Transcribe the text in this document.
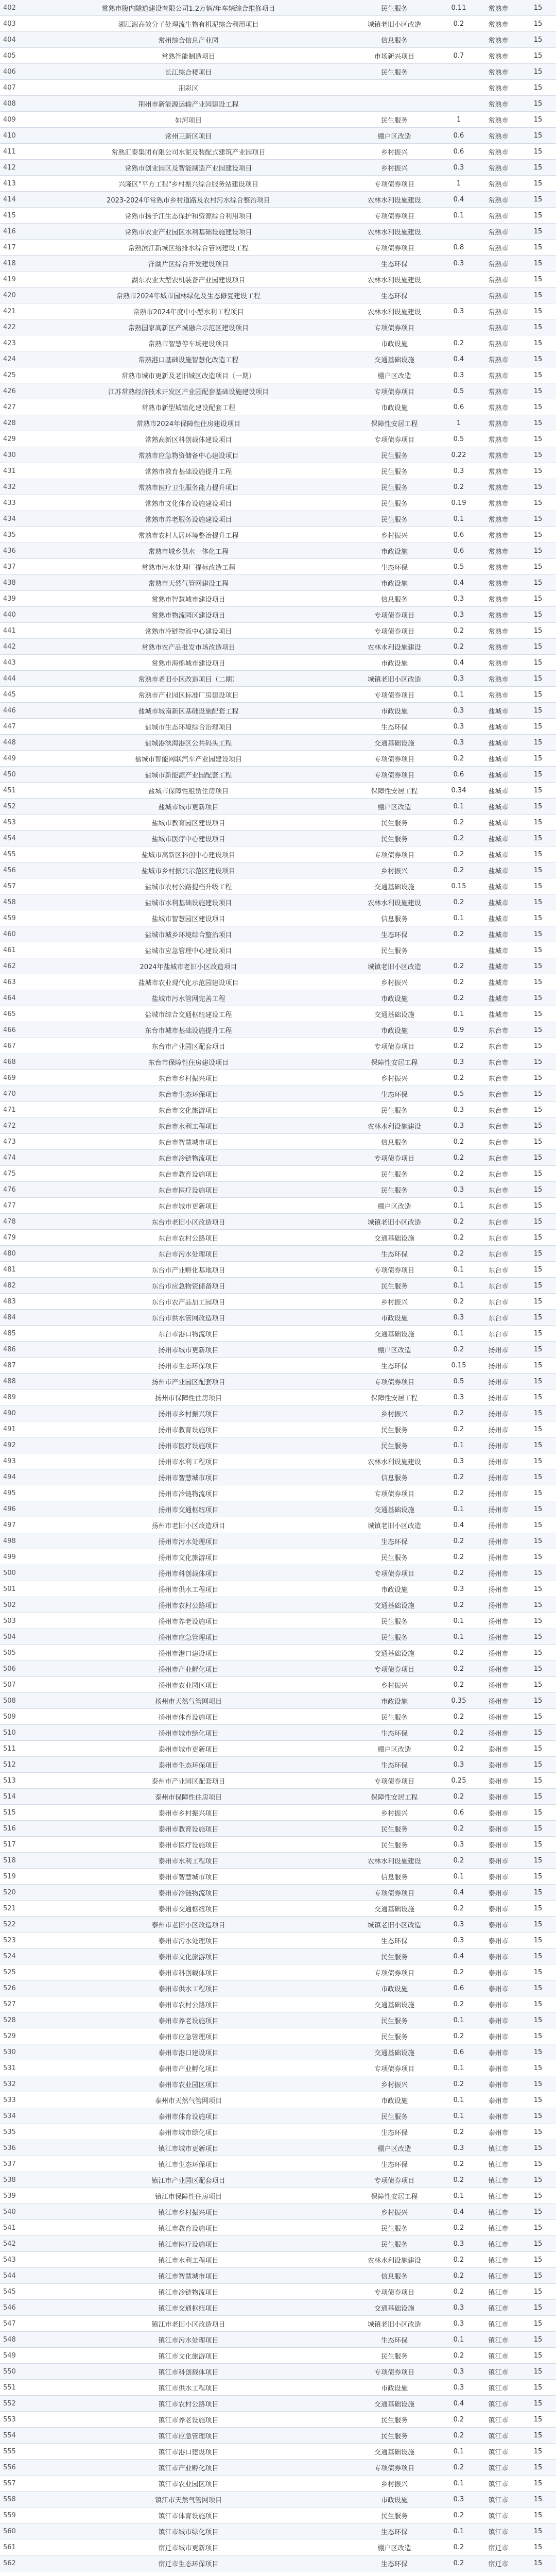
402	常熟市腹内隧道建设有限公司1.2万辆/年车辆综合维修项目	民生服务	0.11	常熟市	15
403	湖江源高效分子处理流生物有机泥综合利用项目	城镇老旧小区改造	0.2	常熟市	15
404	常州综合信息产业园	信息服务		常熟市	15
405	常熟智能制造项目	市场新兴项目	0.7	常熟市	15
406	长江综合楼项目	民生服务		常熟市	15
407	荆彩区			常熟市	15
408	荆州市新能源运输产业园建设工程			常熟市	15
409	如河项目	民生服务	1	常熟市	15
410	常州三新区项目	棚户区改造	0.6	常熟市	15
411	常熟汇泰集团有限公司水泥及装配式建筑产业园项目	乡村振兴	0.6	常熟市	15
412	常熟市创业园区及智能制造产业园建设项目	乡村振兴	0.3	常熟市	15
413	兴隆区"平方工程"乡村振兴综合服务站建设项目	专项债券项目	1	常熟市	15
414	2023-2024年常熟市乡村道路及农村污水综合整治项目	农林水利设施建设	0.4	常熟市	15
415	常熟市扬子江生态保护和资源综合利用项目	专项债券项目	0.1	常熟市	15
416	常熟市农业产业园区水利基础设施建设项目	农林水利设施建设		常熟市	15
417	常熟滨江新城区给排水综合管网建设工程	专项债券项目	0.8	常熟市	15
418	洋湖片区综合开发建设项目	生态环保	0.3	常熟市	15
419	湖东农业大型农机装备产业园建设项目	农林水利设施建设		常熟市	15
420	常熟市2024年城市园林绿化及生态修复建设工程	生态环保		常熟市	15
421	常熟市2024年度中小型水利工程项目	农林水利设施建设	0.3	常熟市	15
422	常熟国家高新区产城融合示范区建设项目	专项债券项目		常熟市	15
423	常熟市智慧停车场建设项目	市政设施	0.2	常熟市	15
424	常熟港口基础设施智慧化改造工程	交通基础设施	0.4	常熟市	15
425	常熟市城市更新及老旧城区改造项目（一期）	棚户区改造	0.3	常熟市	15
426	江苏常熟经济技术开发区产业园配套基础设施建设项目	专项债券项目	0.5	常熟市	15
427	常熟市新型城镇化建设配套工程	市政设施	0.6	常熟市	15
428	常熟市2024年保障性住房建设项目	保障性安居工程	1	常熟市	15
429	常熟高新区科创载体建设项目	专项债券项目	0.5	常熟市	15
430	常熟市应急物资储备中心建设项目	民生服务	0.22	常熟市	15
431	常熟市教育基础设施提升工程	民生服务	0.3	常熟市	15
432	常熟市医疗卫生服务能力提升项目	民生服务	0.2	常熟市	15
433	常熟市文化体育设施建设项目	民生服务	0.19	常熟市	15
434	常熟市养老服务设施建设项目	民生服务	0.1	常熟市	15
435	常熟市农村人居环境整治提升工程	乡村振兴	0.6	常熟市	15
436	常熟市城乡供水一体化工程	市政设施	0.6	常熟市	15
437	常熟市污水处理厂提标改造工程	生态环保	0.5	常熟市	15
438	常熟市天然气管网建设工程	市政设施	0.4	常熟市	15
439	常熟市智慧城市建设项目	信息服务	0.3	常熟市	15
440	常熟市物流园区建设项目	专项债券项目	0.3	常熟市	15
441	常熟市冷链物流中心建设项目	专项债券项目	0.2	常熟市	15
442	常熟市农产品批发市场改造项目	农林水利设施建设	0.2	常熟市	15
443	常熟市海绵城市建设项目	市政设施	0.4	常熟市	15
444	常熟市老旧小区改造项目（二期）	城镇老旧小区改造	0.3	常熟市	15
445	常熟市产业园区标准厂房建设项目	专项债券项目	0.1	常熟市	15
446	盐城市城南新区基础设施配套工程	市政设施	0.3	盐城市	15
447	盐城市生态环境综合治理项目	生态环保	0.3	盐城市	15
448	盐城港滨海港区公共码头工程	交通基础设施	0.3	盐城市	15
449	盐城市智能网联汽车产业园建设项目	专项债券项目	0.2	盐城市	15
450	盐城市新能源产业园配套工程	专项债券项目	0.6	盐城市	15
451	盐城市保障性租赁住房项目	保障性安居工程	0.34	盐城市	15
452	盐城市城市更新项目	棚户区改造	0.1	盐城市	15
453	盐城市教育园区建设项目	民生服务	0.2	盐城市	15
454	盐城市医疗中心建设项目	民生服务	0.2	盐城市	15
455	盐城市高新区科创中心建设项目	专项债券项目	0.2	盐城市	15
456	盐城市乡村振兴示范区建设项目	乡村振兴	0.2	盐城市	15
457	盐城市农村公路提档升级工程	交通基础设施	0.15	盐城市	15
458	盐城市水利基础设施建设项目	农林水利设施建设	0.2	盐城市	15
459	盐城市智慧园区建设项目	信息服务	0.1	盐城市	15
460	盐城市城乡环境综合整治项目	生态环保	0.2	盐城市	15
461	盐城市应急管理中心建设项目	民生服务		盐城市	15
462	2024年盐城市老旧小区改造项目	城镇老旧小区改造	0.2	盐城市	15
463	盐城市农业现代化示范园建设项目	乡村振兴	0.2	盐城市	15
464	盐城市污水管网完善工程	市政设施	0.2	盐城市	15
465	盐城市综合交通枢纽建设工程	交通基础设施	0.1	盐城市	15
466	东台市城市基础设施提升工程	市政设施	0.9	东台市	15
467	东台市产业园区配套项目	专项债券项目	0.2	东台市	15
468	东台市保障性住房建设项目	保障性安居工程	0.3	东台市	15
469	东台市乡村振兴项目	乡村振兴	0.2	东台市	15
470	东台市生态环保项目	生态环保	0.5	东台市	15
471	东台市文化旅游项目	民生服务	0.3	东台市	15
472	东台市水利工程项目	农林水利设施建设	0.3	东台市	15
473	东台市智慧城市项目	信息服务	0.2	东台市	15
474	东台市冷链物流项目	专项债券项目	0.2	东台市	15
475	东台市教育设施项目	民生服务	0.2	东台市	15
476	东台市医疗设施项目	民生服务	0.3	东台市	15
477	东台市城市更新项目	棚户区改造	0.1	东台市	15
478	东台市老旧小区改造项目	城镇老旧小区改造	0.2	东台市	15
479	东台市农村公路项目	交通基础设施	0.2	东台市	15
480	东台市污水处理项目	生态环保	0.2	东台市	15
481	东台市产业孵化基地项目	专项债券项目	0.1	东台市	15
482	东台市应急物资储备项目	民生服务	0.1	东台市	15
483	东台市农产品加工园项目	乡村振兴	0.2	东台市	15
484	东台市供水管网改造项目	市政设施	0.3	东台市	15
485	东台市港口物流项目	交通基础设施	0.1	东台市	15
486	扬州市城市更新项目	棚户区改造	0.2	扬州市	15
487	扬州市生态环保项目	生态环保	0.15	扬州市	15
488	扬州市产业园区配套项目	专项债券项目	0.5	扬州市	15
489	扬州市保障性住房项目	保障性安居工程	0.3	扬州市	15
490	扬州市乡村振兴项目	乡村振兴	0.2	扬州市	15
491	扬州市教育设施项目	民生服务	0.2	扬州市	15
492	扬州市医疗设施项目	民生服务	0.1	扬州市	15
493	扬州市水利工程项目	农林水利设施建设	0.3	扬州市	15
494	扬州市智慧城市项目	信息服务	0.2	扬州市	15
495	扬州市冷链物流项目	专项债券项目	0.2	扬州市	15
496	扬州市交通枢纽项目	交通基础设施	0.1	扬州市	15
497	扬州市老旧小区改造项目	城镇老旧小区改造	0.4	扬州市	15
498	扬州市污水处理项目	生态环保	0.2	扬州市	15
499	扬州市文化旅游项目	民生服务	0.2	扬州市	15
500	扬州市科创载体项目	专项债券项目	0.2	扬州市	15
501	扬州市供水工程项目	市政设施	0.3	扬州市	15
502	扬州市农村公路项目	交通基础设施	0.2	扬州市	15
503	扬州市养老设施项目	民生服务	0.1	扬州市	15
504	扬州市应急管理项目	民生服务	0.1	扬州市	15
505	扬州市港口建设项目	交通基础设施	0.2	扬州市	15
506	扬州市产业孵化项目	专项债券项目	0.2	扬州市	15
507	扬州市农业园区项目	乡村振兴	0.2	扬州市	15
508	扬州市天然气管网项目	市政设施	0.35	扬州市	15
509	扬州市体育设施项目	民生服务	0.2	扬州市	15
510	扬州市城市绿化项目	生态环保	0.2	扬州市	15
511	泰州市城市更新项目	棚户区改造	0.2	泰州市	15
512	泰州市生态环保项目	生态环保	0.3	泰州市	15
513	泰州市产业园区配套项目	专项债券项目	0.25	泰州市	15
514	泰州市保障性住房项目	保障性安居工程	0.2	泰州市	15
515	泰州市乡村振兴项目	乡村振兴	0.6	泰州市	15
516	泰州市教育设施项目	民生服务	0.2	泰州市	15
517	泰州市医疗设施项目	民生服务	0.3	泰州市	15
518	泰州市水利工程项目	农林水利设施建设	0.2	泰州市	15
519	泰州市智慧城市项目	信息服务	0.1	泰州市	15
520	泰州市冷链物流项目	专项债券项目	0.4	泰州市	15
521	泰州市交通枢纽项目	交通基础设施	0.2	泰州市	15
522	泰州市老旧小区改造项目	城镇老旧小区改造	0.3	泰州市	15
523	泰州市污水处理项目	生态环保	0.3	泰州市	15
524	泰州市文化旅游项目	民生服务	0.4	泰州市	15
525	泰州市科创载体项目	专项债券项目	0.2	泰州市	15
526	泰州市供水工程项目	市政设施	0.6	泰州市	15
527	泰州市农村公路项目	交通基础设施	0.2	泰州市	15
528	泰州市养老设施项目	民生服务	0.1	泰州市	15
529	泰州市应急管理项目	民生服务	0.2	泰州市	15
530	泰州市港口建设项目	交通基础设施	0.6	泰州市	15
531	泰州市产业孵化项目	专项债券项目	0.1	泰州市	15
532	泰州市农业园区项目	乡村振兴	0.2	泰州市	15
533	泰州市天然气管网项目	市政设施	0.1	泰州市	15
534	泰州市体育设施项目	民生服务	0.1	泰州市	15
535	泰州市城市绿化项目	生态环保	0.2	泰州市	15
536	镇江市城市更新项目	棚户区改造	0.3	镇江市	15
537	镇江市生态环保项目	生态环保	0.2	镇江市	15
538	镇江市产业园区配套项目	专项债券项目	0.2	镇江市	15
539	镇江市保障性住房项目	保障性安居工程	0.1	镇江市	15
540	镇江市乡村振兴项目	乡村振兴	0.4	镇江市	15
541	镇江市教育设施项目	民生服务	0.2	镇江市	15
542	镇江市医疗设施项目	民生服务	0.3	镇江市	15
543	镇江市水利工程项目	农林水利设施建设	0.2	镇江市	15
544	镇江市智慧城市项目	信息服务	0.2	镇江市	15
545	镇江市冷链物流项目	专项债券项目	0.2	镇江市	15
546	镇江市交通枢纽项目	交通基础设施	0.3	镇江市	15
547	镇江市老旧小区改造项目	城镇老旧小区改造	0.3	镇江市	15
548	镇江市污水处理项目	生态环保	0.1	镇江市	15
549	镇江市文化旅游项目	民生服务	0.2	镇江市	15
550	镇江市科创载体项目	专项债券项目	0.3	镇江市	15
551	镇江市供水工程项目	市政设施	0.3	镇江市	15
552	镇江市农村公路项目	交通基础设施	0.4	镇江市	15
553	镇江市养老设施项目	民生服务	0.2	镇江市	15
554	镇江市应急管理项目	民生服务	0.2	镇江市	15
555	镇江市港口建设项目	交通基础设施	0.1	镇江市	15
556	镇江市产业孵化项目	专项债券项目	0.2	镇江市	15
557	镇江市农业园区项目	乡村振兴	0.1	镇江市	15
558	镇江市天然气管网项目	市政设施	0.3	镇江市	15
559	镇江市体育设施项目	民生服务	0.2	镇江市	15
560	镇江市城市绿化项目	生态环保	0.1	镇江市	15
561	宿迁市城市更新项目	棚户区改造	0.2	宿迁市	15
562	宿迁市生态环保项目	生态环保	0.2	宿迁市	15
